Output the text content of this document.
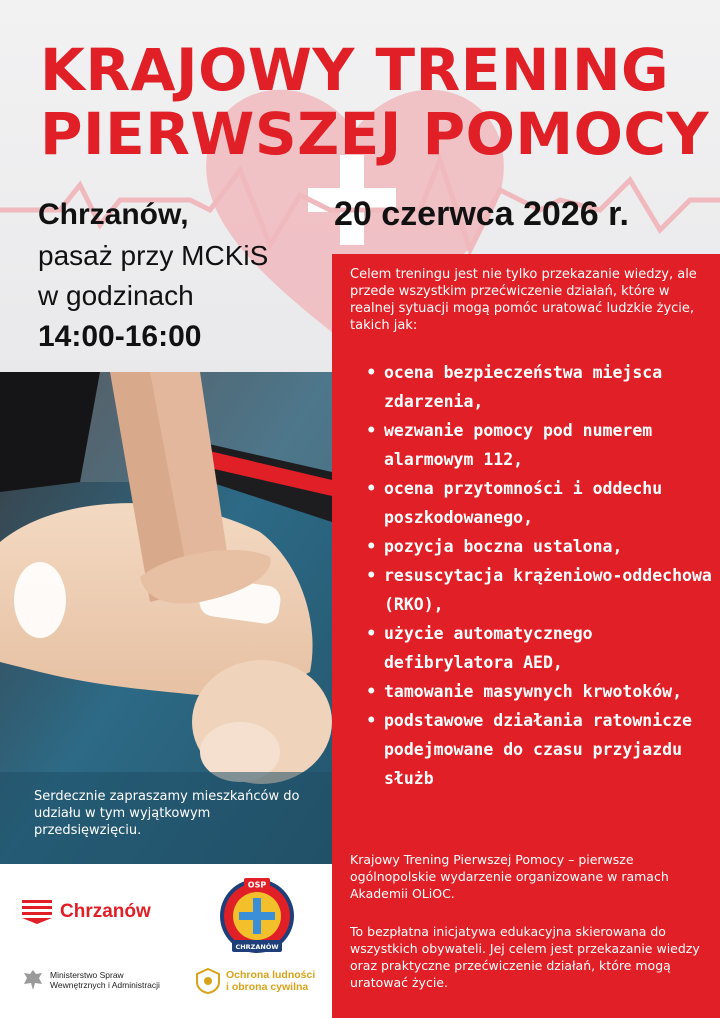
KRAJOWY TRENING
PIERWSZEJ POMOCY
Chrzanów,
pasaż przy MCKiS
w godzinach
14:00-16:00
20 czerwca 2026 r.
Serdecznie zapraszamy mieszkańców do udziału w tym wyjątkowym przedsięwzięciu.
Celem treningu jest nie tylko przekazanie wiedzy, ale przede wszystkim przećwiczenie działań, które w realnej sytuacji mogą pomóc uratować ludzkie życie, takich jak:
• ocena bezpieczeństwa miejsca zdarzenia,
• wezwanie pomocy pod numerem alarmowym 112,
• ocena przytomności i oddechu poszkodowanego,
• pozycja boczna ustalona,
• resuscytacja krążeniowo-oddechowa (RKO),
• użycie automatycznego defibrylatora AED,
• tamowanie masywnych krwotoków,
• podstawowe działania ratownicze podejmowane do czasu przyjazdu służb
Krajowy Trening Pierwszej Pomocy – pierwsze ogólnopolskie wydarzenie organizowane w ramach Akademii OLiOC.
To bezpłatna inicjatywa edukacyjna skierowana do wszystkich obywateli. Jej celem jest przekazanie wiedzy oraz praktyczne przećwiczenie działań, które mogą uratować życie.
Chrzanów
OSP
CHRZANÓW
Ministerstwo Spraw
Wewnętrznych i Administracji
Ochrona ludności
i obrona cywilna
